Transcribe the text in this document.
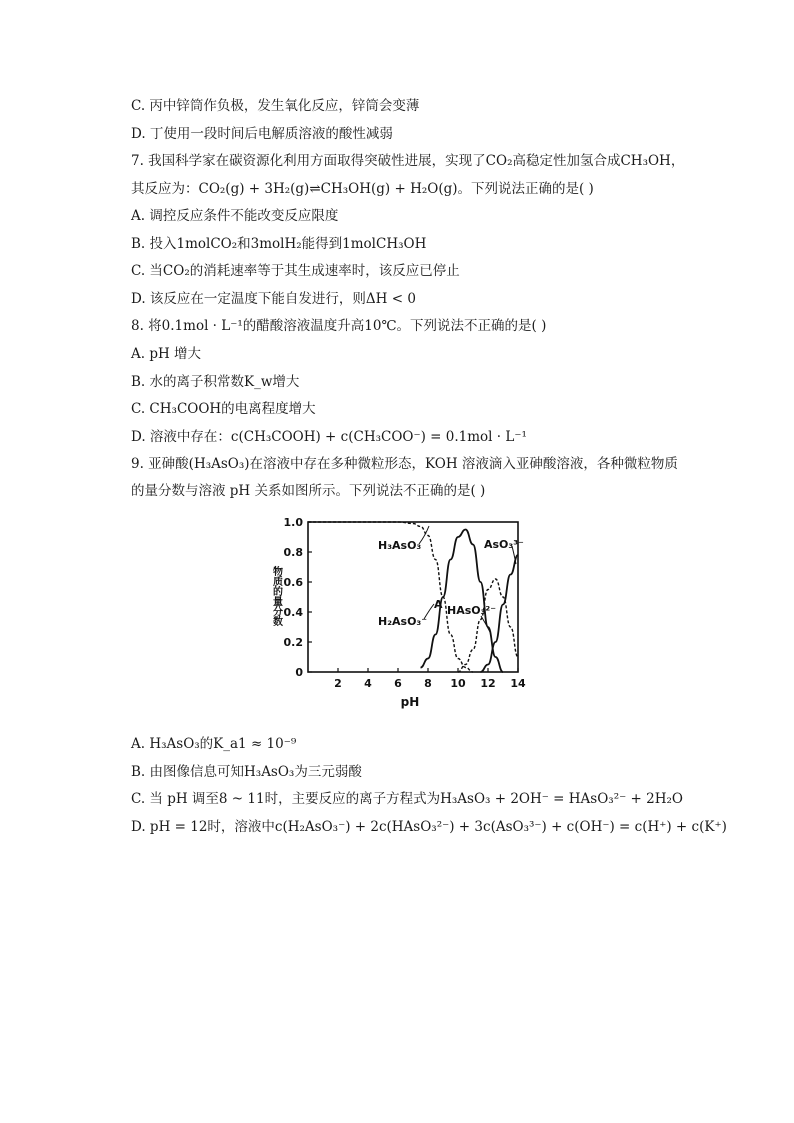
C. 丙中锌筒作负极，发生氧化反应，锌筒会变薄
D. 丁使用一段时间后电解质溶液的酸性减弱
7. 我国科学家在碳资源化利用方面取得突破性进展，实现了CO₂高稳定性加氢合成CH₃OH，
其反应为：CO₂(g) + 3H₂(g)⇌CH₃OH(g) + H₂O(g)。下列说法正确的是( )
A. 调控反应条件不能改变反应限度
B. 投入1molCO₂和3molH₂能得到1molCH₃OH
C. 当CO₂的消耗速率等于其生成速率时，该反应已停止
D. 该反应在一定温度下能自发进行，则ΔH < 0
8. 将0.1mol · L⁻¹的醋酸溶液温度升高10℃。下列说法不正确的是( )
A. pH 增大
B. 水的离子积常数K_w增大
C. CH₃COOH的电离程度增大
D. 溶液中存在：c(CH₃COOH) + c(CH₃COO⁻) = 0.1mol · L⁻¹
9. 亚砷酸(H₃AsO₃)在溶液中存在多种微粒形态，KOH 溶液滴入亚砷酸溶液，各种微粒物质
的量分数与溶液 pH 关系如图所示。下列说法不正确的是( )
2 4 6 8 10 12 14
0
0.2
0.4
0.6
0.8
1.0
物质的量分数
pH
A
H₃AsO₃
H₂AsO₃⁻
HAsO₃²⁻
AsO₃³⁻
A. H₃AsO₃的K_a1 ≈ 10⁻⁹
B. 由图像信息可知H₃AsO₃为三元弱酸
C. 当 pH 调至8 ~ 11时，主要反应的离子方程式为H₃AsO₃ + 2OH⁻ = HAsO₃²⁻ + 2H₂O
D. pH = 12时，溶液中c(H₂AsO₃⁻) + 2c(HAsO₃²⁻) + 3c(AsO₃³⁻) + c(OH⁻) = c(H⁺) + c(K⁺)
